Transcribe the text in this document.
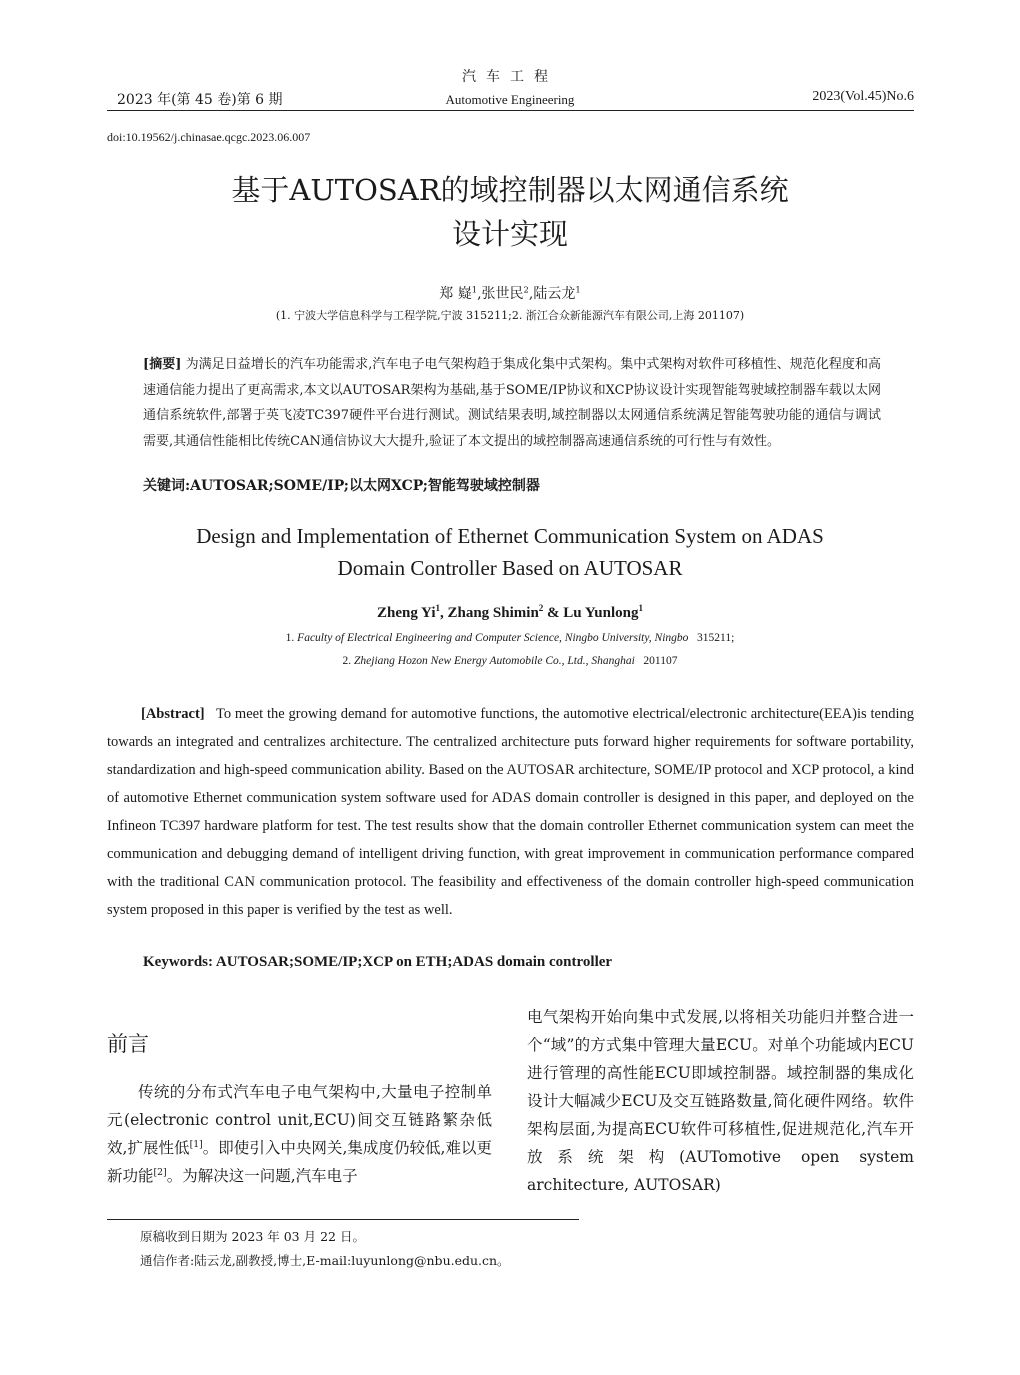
汽车工程
2023 年(第 45 卷)第 6 期	Automotive Engineering	2023(Vol.45)No.6
doi:10.19562/j.chinasae.qcgc.2023.06.007
基于AUTOSAR的域控制器以太网通信系统
设计实现
郑 嶷$^1$,张世民$^2$,陆云龙$^1$
(1. 宁波大学信息科学与工程学院,宁波 315211;2. 浙江合众新能源汽车有限公司,上海 201107)
[摘要] 为满足日益增长的汽车功能需求,汽车电子电气架构趋于集成化集中式架构。集中式架构对软件可移植性、规范化程度和高速通信能力提出了更高需求,本文以AUTOSAR架构为基础,基于SOME/IP协议和XCP协议设计实现智能驾驶域控制器车载以太网通信系统软件,部署于英飞凌TC397硬件平台进行测试。测试结果表明,域控制器以太网通信系统满足智能驾驶功能的通信与调试需要,其通信性能相比传统CAN通信协议大大提升,验证了本文提出的域控制器高速通信系统的可行性与有效性。
关键词:AUTOSAR;SOME/IP;以太网XCP;智能驾驶域控制器
Design and Implementation of Ethernet Communication System on ADAS
Domain Controller Based on AUTOSAR
Zheng Yi$^1$, Zhang Shimin$^2$ & Lu Yunlong$^1$
1. Faculty of Electrical Engineering and Computer Science, Ningbo University, Ningbo 315211;
2. Zhejiang Hozon New Energy Automobile Co., Ltd., Shanghai 201107
[Abstract] To meet the growing demand for automotive functions, the automotive electrical/electronic architecture(EEA)is tending towards an integrated and centralizes architecture. The centralized architecture puts forward higher requirements for software portability, standardization and high-speed communication ability. Based on the AUTOSAR architecture, SOME/IP protocol and XCP protocol, a kind of automotive Ethernet communication system software used for ADAS domain controller is designed in this paper, and deployed on the Infineon TC397 hardware platform for test. The test results show that the domain controller Ethernet communication system can meet the communication and debugging demand of intelligent driving function, with great improvement in communication performance compared with the traditional CAN communication protocol. The feasibility and effectiveness of the domain controller high-speed communication system proposed in this paper is verified by the test as well.
Keywords: AUTOSAR;SOME/IP;XCP on ETH;ADAS domain controller
前言
传统的分布式汽车电子电气架构中,大量电子控制单元(electronic control unit,ECU)间交互链路繁杂低效,扩展性低[1]。即使引入中央网关,集成度仍较低,难以更新功能[2]。为解决这一问题,汽车电子
电气架构开始向集中式发展,以将相关功能归并整合进一个“域”的方式集中管理大量ECU。对单个功能域内ECU进行管理的高性能ECU即域控制器。域控制器的集成化设计大幅减少ECU及交互链路数量,简化硬件网络。软件架构层面,为提高ECU软件可移植性,促进规范化,汽车开放系统架构(AUTomotive open system architecture, AUTOSAR)
原稿收到日期为 2023 年 03 月 22 日。
通信作者:陆云龙,副教授,博士,E-mail:luyunlong@nbu.edu.cn。
